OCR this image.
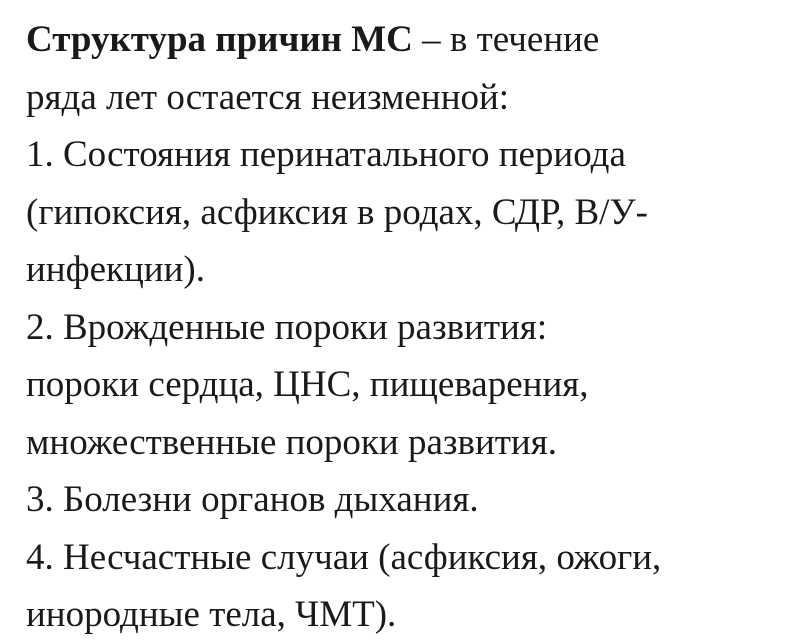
Структура причин МС – в течение
ряда лет остается неизменной:
1. Состояния перинатального периода
(гипоксия, асфиксия в родах, СДР, В/У-
инфекции).
2. Врожденные пороки развития:
пороки сердца, ЦНС, пищеварения,
множественные пороки развития.
3. Болезни органов дыхания.
4. Несчастные случаи (асфиксия, ожоги,
инородные тела, ЧМТ).
